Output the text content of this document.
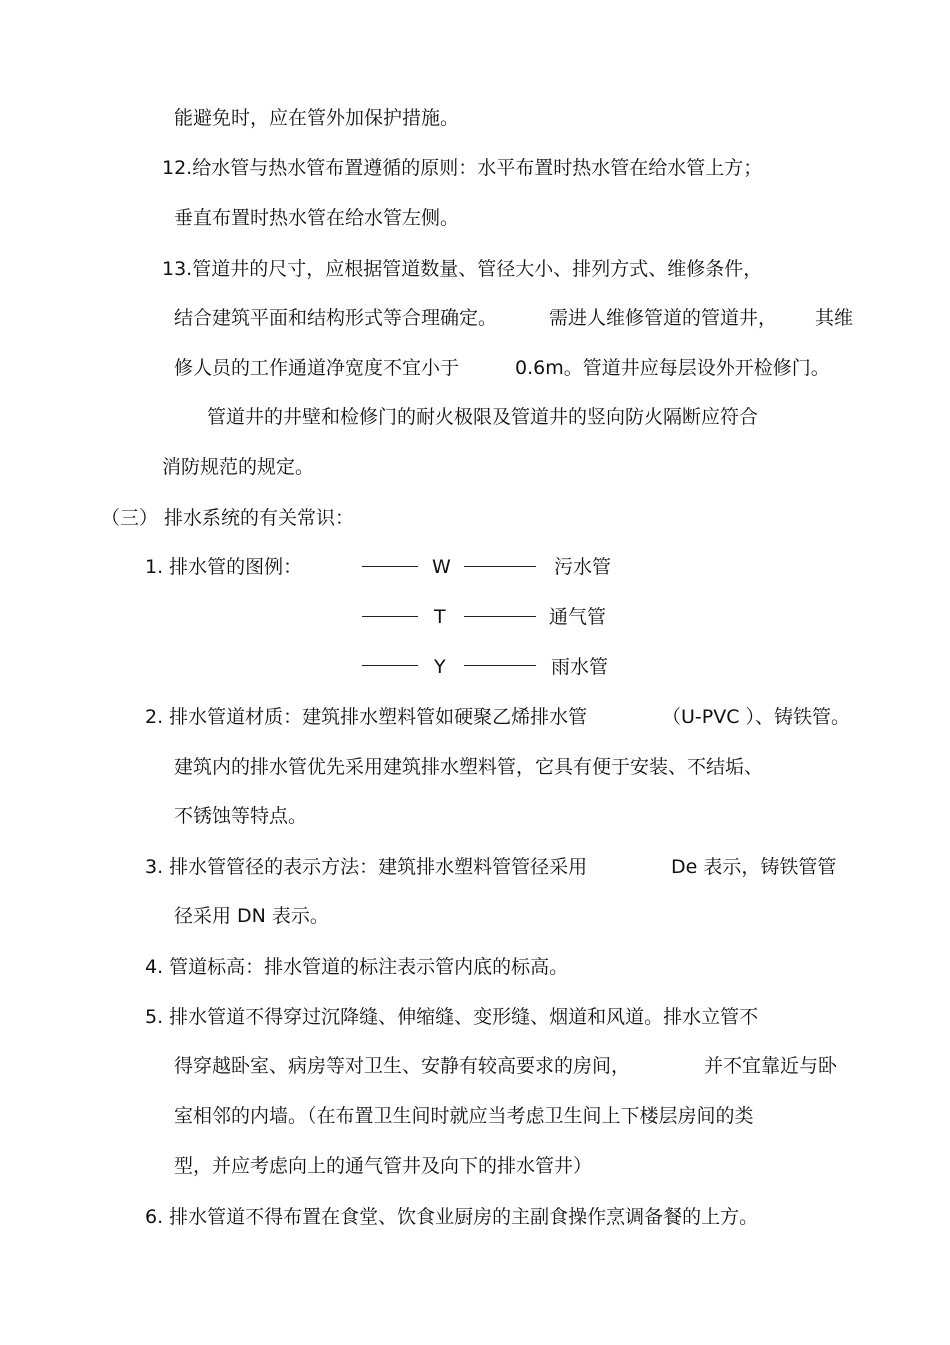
能避免时，应在管外加保护措施。
12.给水管与热水管布置遵循的原则：水平布置时热水管在给水管上方；
垂直布置时热水管在给水管左侧。
13.管道井的尺寸，应根据管道数量、管径大小、排列方式、维修条件，
结合建筑平面和结构形式等合理确定。	需进人维修管道的管道井， 其维
修人员的工作通道净宽度不宜小于	0.6m。管道井应每层设外开检修门。
管道井的井壁和检修门的耐火极限及管道井的竖向防火隔断应符合
消防规范的规定。
（三） 排水系统的有关常识：
1. 排水管的图例：	W	污水管
T	通气管
Y	雨水管
2. 排水管道材质：建筑排水塑料管如硬聚乙烯排水管	（U-PVC ）、铸铁管。
建筑内的排水管优先采用建筑排水塑料管，它具有便于安装、不结垢、
不锈蚀等特点。
3. 排水管管径的表示方法：建筑排水塑料管管径采用	De 表示，铸铁管管
径采用 DN 表示。
4. 管道标高：排水管道的标注表示管内底的标高。
5. 排水管道不得穿过沉降缝、伸缩缝、变形缝、烟道和风道。排水立管不
得穿越卧室、病房等对卫生、安静有较高要求的房间，	并不宜靠近与卧
室相邻的内墙。（在布置卫生间时就应当考虑卫生间上下楼层房间的类
型，并应考虑向上的通气管井及向下的排水管井）
6. 排水管道不得布置在食堂、饮食业厨房的主副食操作烹调备餐的上方。
